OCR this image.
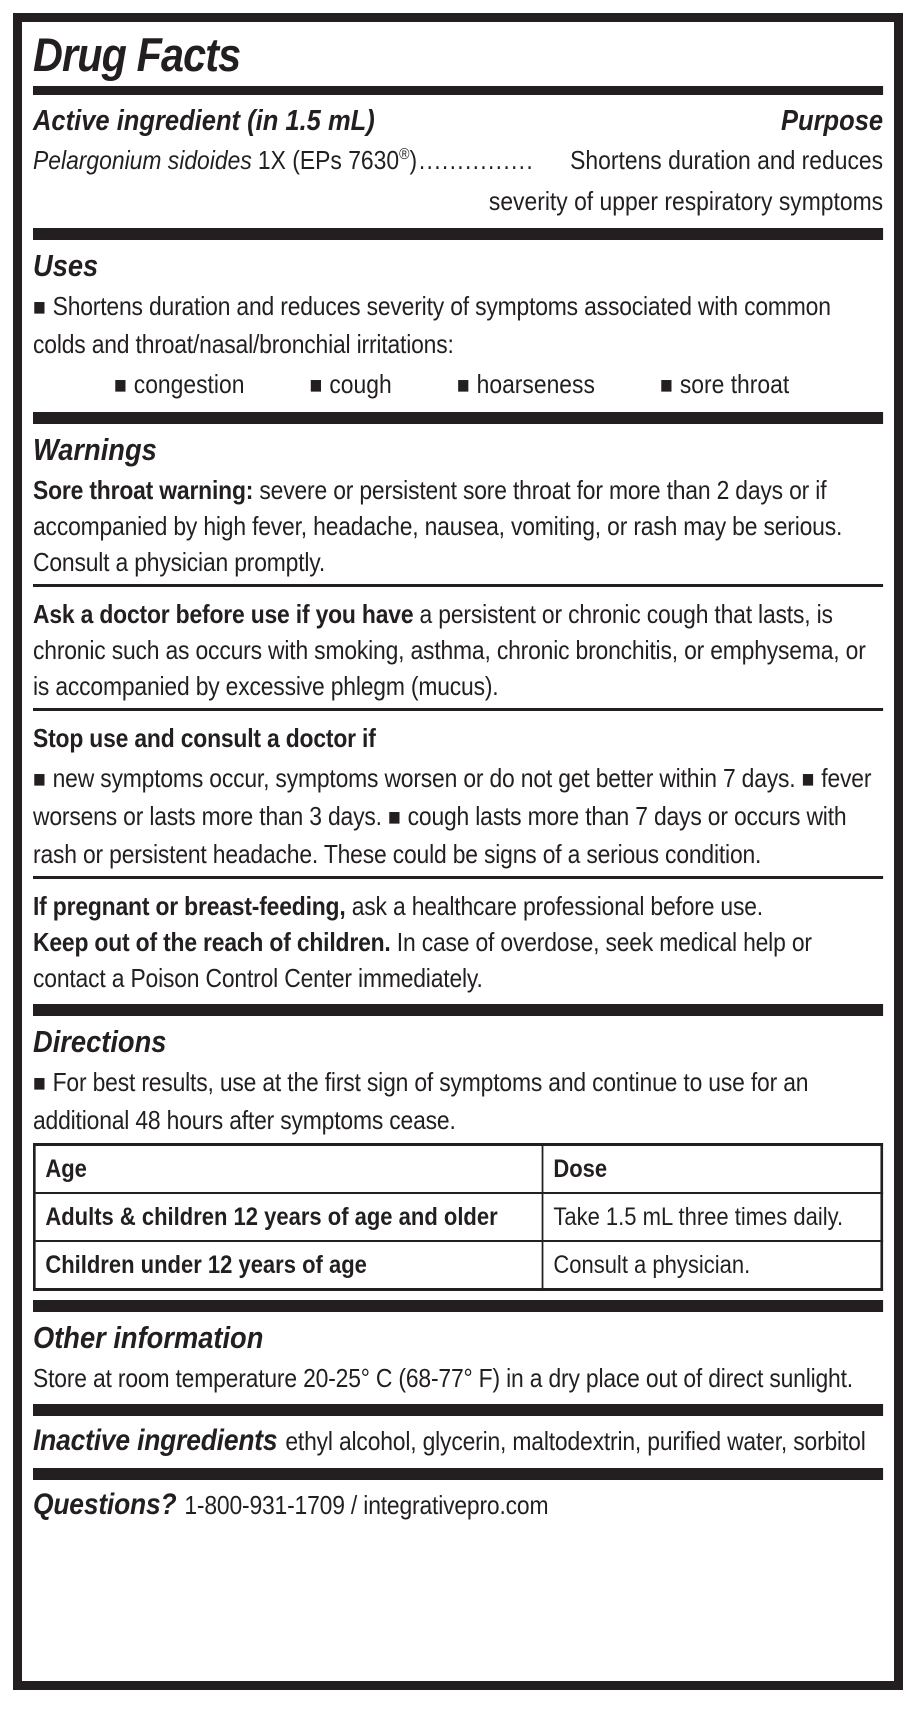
Drug Facts
Active ingredient (in 1.5 mL)	Purpose
Pelargonium sidoides 1X (EPs 7630® ) ............... Shortens duration and reduces
severity of upper respiratory symptoms
Uses

■ Shortens duration and reduces severity of symptoms associated with common colds and throat/nasal/bronchial irritations:

■ congestion	■ cough	■ hoarseness	■ sore throat
Warnings

Sore throat warning: severe or persistent sore throat for more than 2 days or if accompanied by high fever, headache, nausea, vomiting, or rash may be serious. Consult a physician promptly.

Ask a doctor before use if you have a persistent or chronic cough that lasts, is chronic such as occurs with smoking, asthma, chronic bronchitis, or emphysema, or is accompanied by excessive phlegm (mucus).

Stop use and consult a doctor if

■ new symptoms occur, symptoms worsen or do not get better within 7 days. ■ fever worsens or lasts more than 3 days. ■ cough lasts more than 7 days or occurs with rash or persistent headache. These could be signs of a serious condition.

If pregnant or breast-feeding, ask a healthcare professional before use.
Keep out of the reach of children. In case of overdose, seek medical help or contact a Poison Control Center immediately.

Directions

■ For best results, use at the first sign of symptoms and continue to use for an additional 48 hours after symptoms cease.

Age	Dose
Adults & children 12 years of age and older	Take 1.5 mL three times daily.
Children under 12 years of age	Consult a physician.
Other information

Store at room temperature 20-25° C (68-77° F) in a dry place out of direct sunlight.

Inactive ingredients ethyl alcohol, glycerin, maltodextrin, purified water, sorbitol

Questions? 1-800-931-1709 / integrativepro.com
